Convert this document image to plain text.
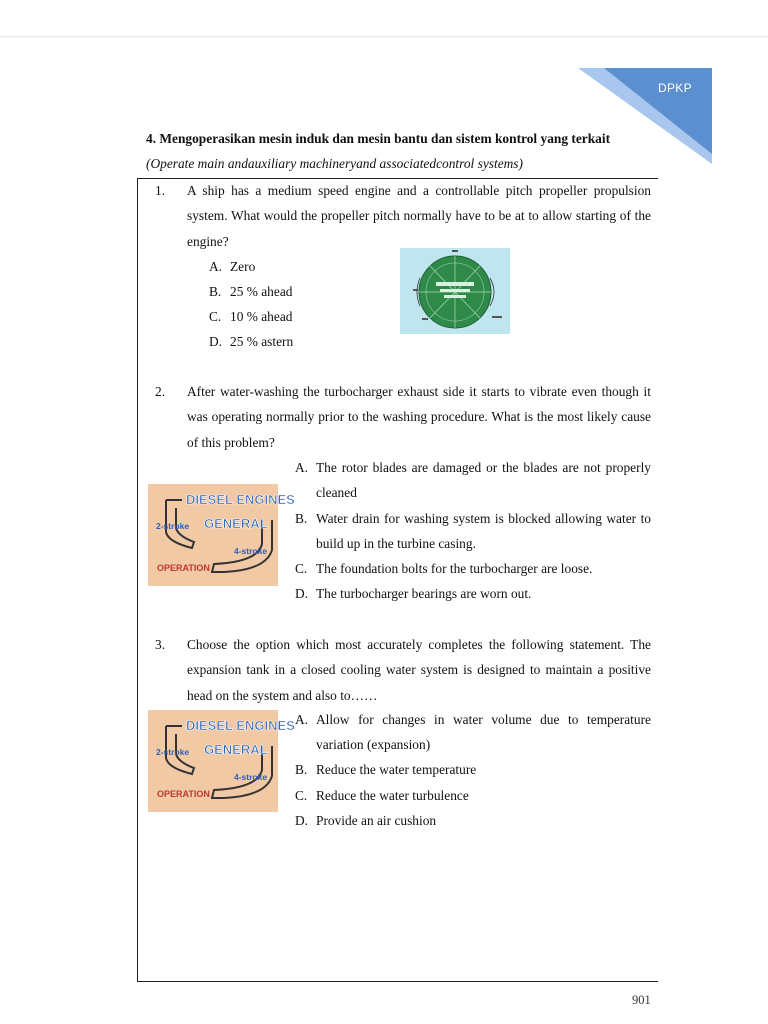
DPKP
4. Mengoperasikan mesin induk dan mesin bantu dan sistem kontrol yang terkait
(Operate main andauxiliary machineryand associatedcontrol systems)
1. A ship has a medium speed engine and a controllable pitch propeller propulsion system. What would the propeller pitch normally have to be at to allow starting of the engine?
A. Zero
B. 25 % ahead
C. 10 % ahead
D. 25 % astern
2. After water-washing the turbocharger exhaust side it starts to vibrate even though it was operating normally prior to the washing procedure. What is the most likely cause of this problem?
DIESEL ENGINES
GENERAL
2-stroke
4-stroke
OPERATION
A. The rotor blades are damaged or the blades are not properly cleaned
B. Water drain for washing system is blocked allowing water to build up in the turbine casing.
C. The foundation bolts for the turbocharger are loose.
D. The turbocharger bearings are worn out.
3. Choose the option which most accurately completes the following statement. The expansion tank in a closed cooling water system is designed to maintain a positive head on the system and also to……
DIESEL ENGINES
GENERAL
2-stroke
4-stroke
OPERATION
A. Allow for changes in water volume due to temperature variation (expansion)
B. Reduce the water temperature
C. Reduce the water turbulence
D. Provide an air cushion
901
